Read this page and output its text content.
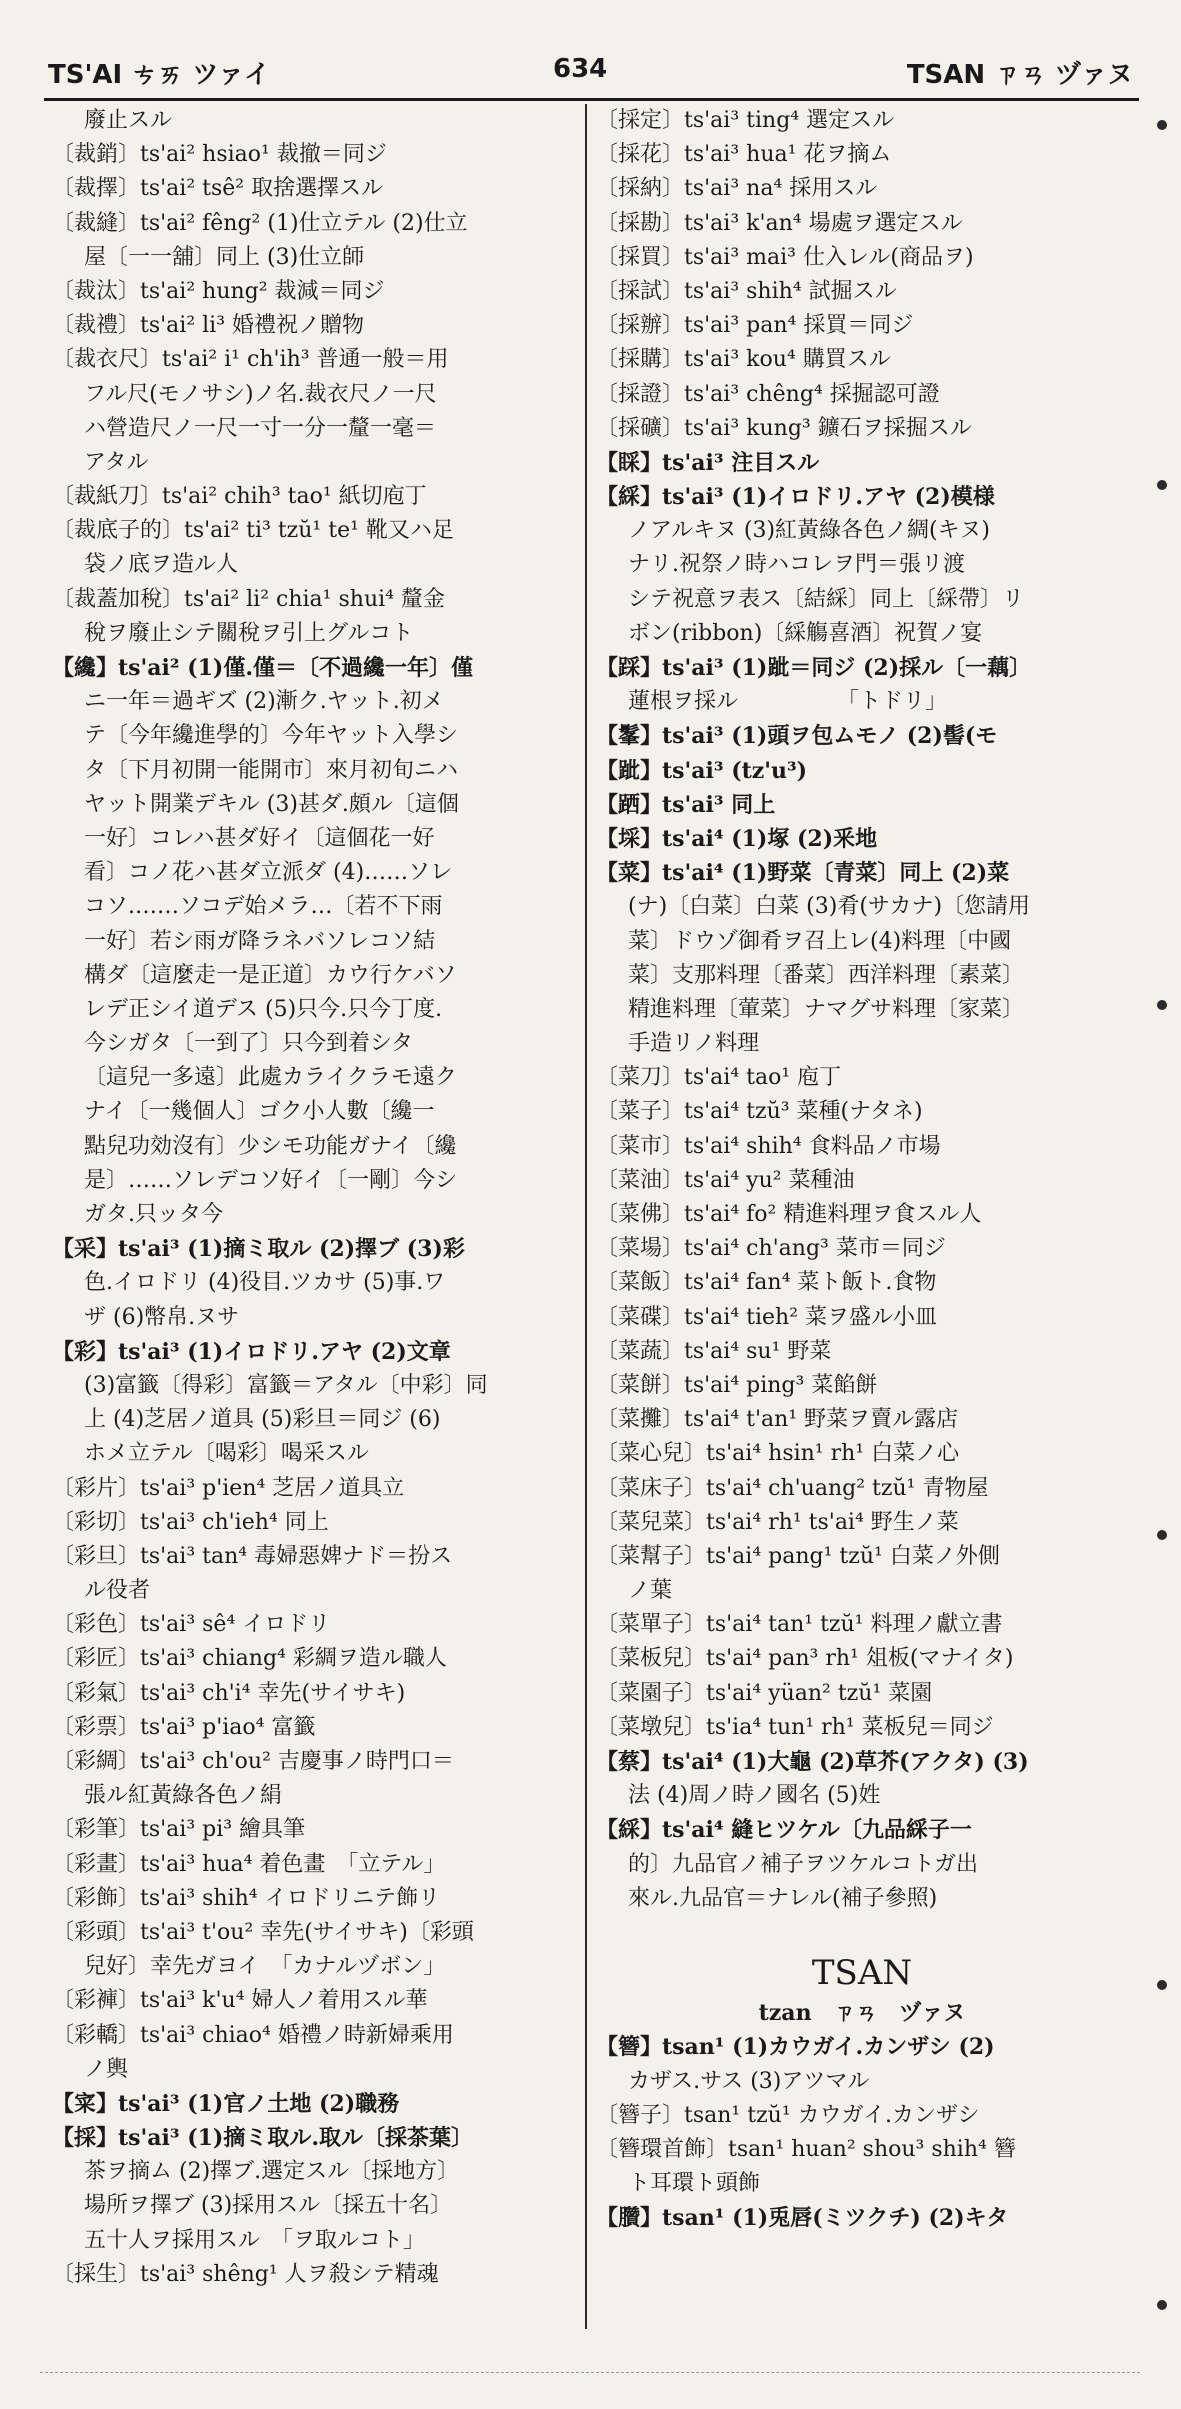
TS'AI ㄘㄞ ツァイ	634	TSAN ㄗㄢ ヅァヌ
廢止スル
〔裁銷〕ts'ai² hsiao¹ 裁撤＝同ジ
〔裁擇〕ts'ai² tsê² 取捨選擇スル
〔裁縫〕ts'ai² fêng² (1)仕立テル (2)仕立
屋〔一一舖〕同上 (3)仕立師
〔裁汰〕ts'ai² hung² 裁減＝同ジ
〔裁禮〕ts'ai² li³ 婚禮祝ノ贈物
〔裁衣尺〕ts'ai² i¹ ch'ih³ 普通一般＝用
フル尺(モノサシ)ノ名.裁衣尺ノ一尺
ハ營造尺ノ一尺一寸一分一釐一毫＝
アタル
〔裁紙刀〕ts'ai² chih³ tao¹ 紙切庖丁
〔裁底子的〕ts'ai² ti³ tzŭ¹ te¹ 靴又ハ足
袋ノ底ヲ造ル人
〔裁蓋加稅〕ts'ai² li² chia¹ shui⁴ 釐金
稅ヲ廢止シテ關稅ヲ引上グルコト
【纔】ts'ai² (1)僅.僅＝〔不過纔一年〕僅
ニ一年＝過ギズ (2)漸ク.ヤット.初メ
テ〔今年纔進學的〕今年ヤット入學シ
タ〔下月初開一能開市〕來月初旬ニハ
ヤット開業デキル (3)甚ダ.頗ル〔這個
一好〕コレハ甚ダ好イ〔這個花一好
看〕コノ花ハ甚ダ立派ダ (4)……ソレ
コソ.……ソコデ始メラ…〔若不下雨
一好〕若シ雨ガ降ラネバソレコソ結
構ダ〔這麼走一是正道〕カウ行ケバソ
レデ正シイ道デス (5)只今.只今丁度.
今シガタ〔一到了〕只今到着シタ
〔這兒一多遠〕此處カライクラモ遠ク
ナイ〔一幾個人〕ゴク小人數〔纔一
點兒功効沒有〕少シモ功能ガナイ〔纔
是〕……ソレデコソ好イ〔一剛〕今シ
ガタ.只ッタ今
【采】ts'ai³ (1)摘ミ取ル (2)擇ブ (3)彩
色.イロドリ (4)役目.ツカサ (5)事.ワ
ザ (6)幣帛.ヌサ
【彩】ts'ai³ (1)イロドリ.アヤ (2)文章
(3)富籤〔得彩〕富籤＝アタル〔中彩〕同
上 (4)芝居ノ道具 (5)彩旦＝同ジ (6)
ホメ立テル〔喝彩〕喝采スル
〔彩片〕ts'ai³ p'ien⁴ 芝居ノ道具立
〔彩切〕ts'ai³ ch'ieh⁴ 同上
〔彩旦〕ts'ai³ tan⁴ 毒婦惡婢ナド＝扮ス
ル役者
〔彩色〕ts'ai³ sê⁴ イロドリ
〔彩匠〕ts'ai³ chiang⁴ 彩綢ヲ造ル職人
〔彩氣〕ts'ai³ ch'i⁴ 幸先(サイサキ)
〔彩票〕ts'ai³ p'iao⁴ 富籤
〔彩綢〕ts'ai³ ch'ou² 吉慶事ノ時門口＝
張ル紅黃綠各色ノ絹
〔彩筆〕ts'ai³ pi³ 繪具筆
〔彩畫〕ts'ai³ hua⁴ 着色畫　「立テル」
〔彩飾〕ts'ai³ shih⁴ イロドリニテ飾リ
〔彩頭〕ts'ai³ t'ou² 幸先(サイサキ)〔彩頭
兒好〕幸先ガヨイ　「カナルヅボン」
〔彩褲〕ts'ai³ k'u⁴ 婦人ノ着用スル華
〔彩轎〕ts'ai³ chiao⁴ 婚禮ノ時新婦乘用
ノ輿
【寀】ts'ai³ (1)官ノ土地 (2)職務
【採】ts'ai³ (1)摘ミ取ル.取ル〔採茶葉〕
茶ヲ摘ム (2)擇ブ.選定スル〔採地方〕
場所ヲ擇ブ (3)採用スル〔採五十名〕
五十人ヲ採用スル　「ヲ取ルコト」
〔採生〕ts'ai³ shêng¹ 人ヲ殺シテ精魂
〔採定〕ts'ai³ ting⁴ 選定スル
〔採花〕ts'ai³ hua¹ 花ヲ摘ム
〔採納〕ts'ai³ na⁴ 採用スル
〔採勘〕ts'ai³ k'an⁴ 場處ヲ選定スル
〔採買〕ts'ai³ mai³ 仕入レル(商品ヲ)
〔採試〕ts'ai³ shih⁴ 試掘スル
〔採辦〕ts'ai³ pan⁴ 採買＝同ジ
〔採購〕ts'ai³ kou⁴ 購買スル
〔採證〕ts'ai³ chêng⁴ 採掘認可證
〔採礦〕ts'ai³ kung³ 鑛石ヲ採掘スル
【睬】ts'ai³ 注目スル
【綵】ts'ai³ (1)イロドリ.アヤ (2)模様
ノアルキヌ (3)紅黃綠各色ノ綢(キヌ)
ナリ.祝祭ノ時ハコレヲ門＝張リ渡
シテ祝意ヲ表ス〔結綵〕同上〔綵帶〕リ
ボン(ribbon)〔綵觴喜酒〕祝賀ノ宴
【踩】ts'ai³ (1)跐＝同ジ (2)採ル〔一藕〕
蓮根ヲ採ル　　　　　「トドリ」
【髼】ts'ai³ (1)頭ヲ包ムモノ (2)髻(モ
【跐】ts'ai³ (tz'u³)
【跴】ts'ai³ 同上
【埰】ts'ai⁴ (1)塚 (2)釆地
【菜】ts'ai⁴ (1)野菜〔青菜〕同上 (2)菜
(ナ)〔白菜〕白菜 (3)肴(サカナ)〔您請用
菜〕ドウゾ御肴ヲ召上レ(4)料理〔中國
菜〕支那料理〔番菜〕西洋料理〔素菜〕
精進料理〔葷菜〕ナマグサ料理〔家菜〕
手造リノ料理
〔菜刀〕ts'ai⁴ tao¹ 庖丁
〔菜子〕ts'ai⁴ tzŭ³ 菜種(ナタネ)
〔菜市〕ts'ai⁴ shih⁴ 食料品ノ市場
〔菜油〕ts'ai⁴ yu² 菜種油
〔菜佛〕ts'ai⁴ fo² 精進料理ヲ食スル人
〔菜場〕ts'ai⁴ ch'ang³ 菜市＝同ジ
〔菜飯〕ts'ai⁴ fan⁴ 菜ト飯ト.食物
〔菜碟〕ts'ai⁴ tieh² 菜ヲ盛ル小皿
〔菜蔬〕ts'ai⁴ su¹ 野菜
〔菜餅〕ts'ai⁴ ping³ 菜餡餅
〔菜攤〕ts'ai⁴ t'an¹ 野菜ヲ賣ル露店
〔菜心兒〕ts'ai⁴ hsin¹ rh¹ 白菜ノ心
〔菜床子〕ts'ai⁴ ch'uang² tzŭ¹ 青物屋
〔菜兒菜〕ts'ai⁴ rh¹ ts'ai⁴ 野生ノ菜
〔菜幫子〕ts'ai⁴ pang¹ tzŭ¹ 白菜ノ外側
ノ葉
〔菜單子〕ts'ai⁴ tan¹ tzŭ¹ 料理ノ獻立書
〔菜板兒〕ts'ai⁴ pan³ rh¹ 俎板(マナイタ)
〔菜園子〕ts'ai⁴ yüan² tzŭ¹ 菜園
〔菜墩兒〕ts'ia⁴ tun¹ rh¹ 菜板兒＝同ジ
【蔡】ts'ai⁴ (1)大龜 (2)草芥(アクタ) (3)
法 (4)周ノ時ノ國名 (5)姓
【綵】ts'ai⁴ 縫ヒツケル〔九品綵子一
的〕九品官ノ補子ヲツケルコトガ出
來ル.九品官＝ナレル(補子參照)
TSAN
tzan　ㄗㄢ　ヅァヌ
【簪】tsan¹ (1)カウガイ.カンザシ (2)
カザス.サス (3)アツマル
〔簪子〕tsan¹ tzŭ¹ カウガイ.カンザシ
〔簪環首飾〕tsan¹ huan² shou³ shih⁴ 簪
ト耳環ト頭飾
【臢】tsan¹ (1)兎唇(ミツクチ) (2)キタ
